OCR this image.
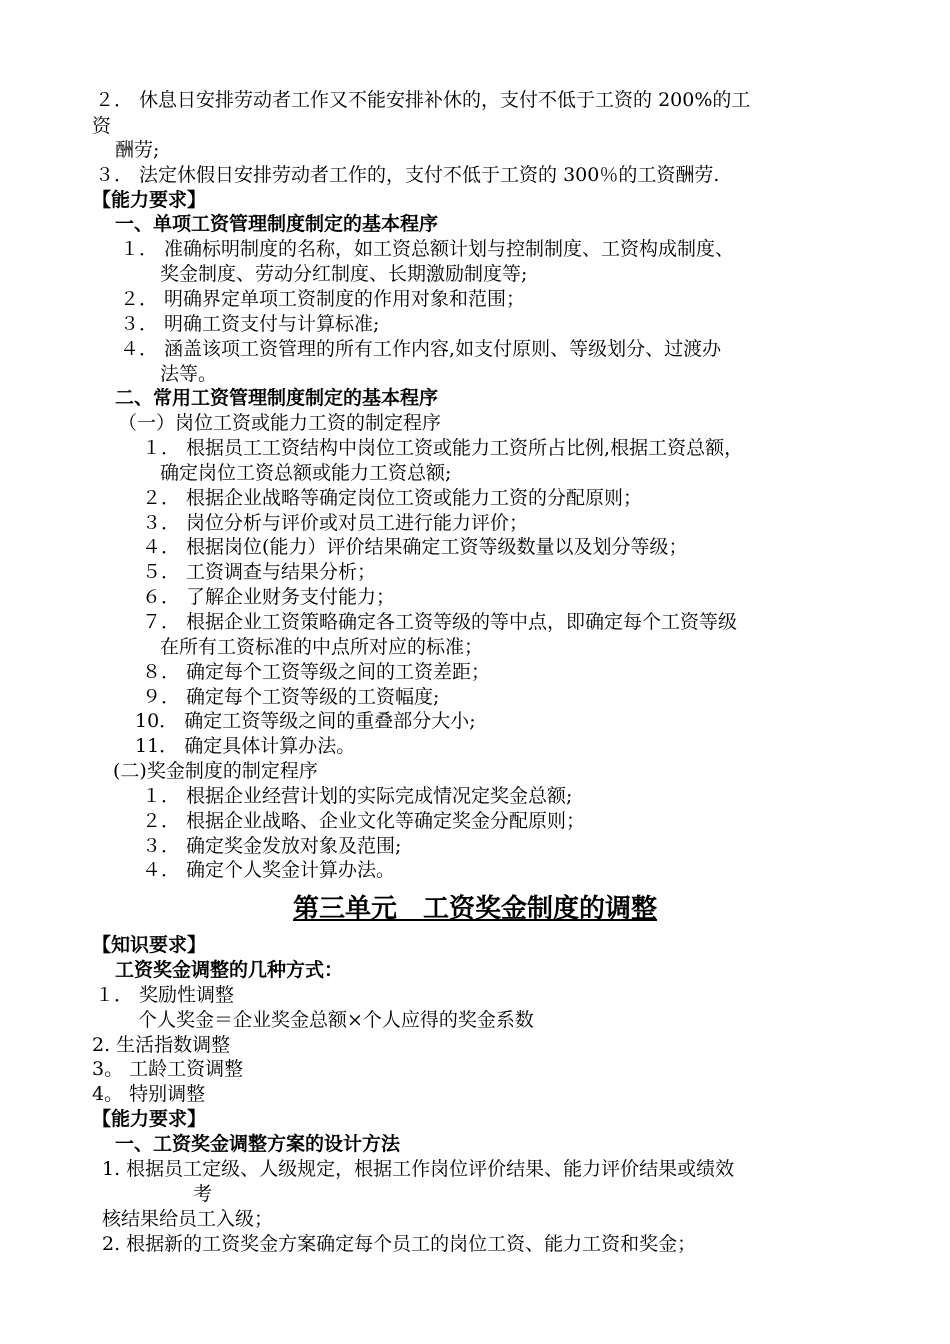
２． 休息日安排劳动者工作又不能安排补休的，支付不低于工资的 200%的工
资
酬劳;
３． 法定休假日安排劳动者工作的，支付不低于工资的 300％的工资酬劳.
【能力要求】
一、单项工资管理制度制定的基本程序
１． 准确标明制度的名称，如工资总额计划与控制制度、工资构成制度、
奖金制度、劳动分红制度、长期激励制度等;
２． 明确界定单项工资制度的作用对象和范围；
３． 明确工资支付与计算标准;
４． 涵盖该项工资管理的所有工作内容,如支付原则、等级划分、过渡办
法等。
二、常用工资管理制度制定的基本程序
（一）岗位工资或能力工资的制定程序
１． 根据员工工资结构中岗位工资或能力工资所占比例,根据工资总额，
确定岗位工资总额或能力工资总额;
２． 根据企业战略等确定岗位工资或能力工资的分配原则；
３． 岗位分析与评价或对员工进行能力评价；
４． 根据岗位(能力）评价结果确定工资等级数量以及划分等级；
５． 工资调查与结果分析；
６． 了解企业财务支付能力；
７． 根据企业工资策略确定各工资等级的等中点，即确定每个工资等级
在所有工资标准的中点所对应的标准；
８． 确定每个工资等级之间的工资差距；
９． 确定每个工资等级的工资幅度;
10． 确定工资等级之间的重叠部分大小;
11． 确定具体计算办法。
(二)奖金制度的制定程序
１． 根据企业经营计划的实际完成情况定奖金总额;
２． 根据企业战略、企业文化等确定奖金分配原则；
３． 确定奖金发放对象及范围;
４． 确定个人奖金计算办法。
第三单元　工资奖金制度的调整
【知识要求】
工资奖金调整的几种方式：
１． 奖励性调整
个人奖金＝企业奖金总额×个人应得的奖金系数
2. 生活指数调整
3。 工龄工资调整
4。 特别调整
【能力要求】
一、工资奖金调整方案的设计方法
1. 根据员工定级、人级规定，根据工作岗位评价结果、能力评价结果或绩效
考
核结果给员工入级；
2. 根据新的工资奖金方案确定每个员工的岗位工资、能力工资和奖金；
